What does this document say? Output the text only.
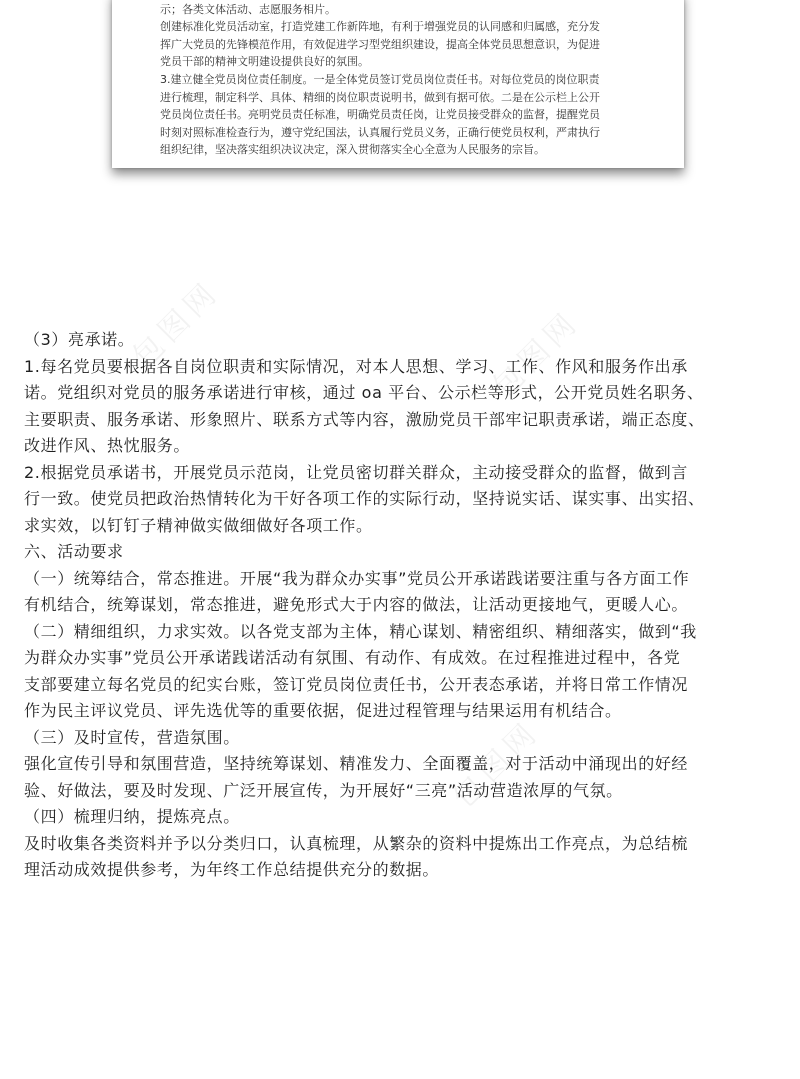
示；各类文体活动、志愿服务相片。

创建标准化党员活动室，打造党建工作新阵地，有利于增强党员的认同感和归属感，充分发

挥广大党员的先锋模范作用，有效促进学习型党组织建设，提高全体党员思想意识，为促进

党员干部的精神文明建设提供良好的氛围。

3.建立健全党员岗位责任制度。一是全体党员签订党员岗位责任书。对每位党员的岗位职责

进行梳理，制定科学、具体、精细的岗位职责说明书，做到有据可依。二是在公示栏上公开

党员岗位责任书。亮明党员责任标准，明确党员责任岗，让党员接受群众的监督，提醒党员

时刻对照标准检查行为，遵守党纪国法，认真履行党员义务，正确行使党员权利，严肃执行

组织纪律，坚决落实组织决议决定，深入贯彻落实全心全意为人民服务的宗旨。

包图网	包图网
包图网

（3）亮承诺。

1.每名党员要根据各自岗位职责和实际情况，对本人思想、学习、工作、作风和服务作出承

诺。党组织对党员的服务承诺进行审核，通过 oa 平台、公示栏等形式，公开党员姓名职务、

主要职责、服务承诺、形象照片、联系方式等内容，激励党员干部牢记职责承诺，端正态度、

改进作风、热忱服务。

2.根据党员承诺书，开展党员示范岗，让党员密切群关群众，主动接受群众的监督，做到言

行一致。使党员把政治热情转化为干好各项工作的实际行动，坚持说实话、谋实事、出实招、

求实效，以钉钉子精神做实做细做好各项工作。

六、活动要求

（一）统筹结合，常态推进。开展“我为群众办实事”党员公开承诺践诺要注重与各方面工作

有机结合，统筹谋划，常态推进，避免形式大于内容的做法，让活动更接地气，更暖人心。

（二）精细组织，力求实效。以各党支部为主体，精心谋划、精密组织、精细落实，做到“我

为群众办实事”党员公开承诺践诺活动有氛围、有动作、有成效。在过程推进过程中，各党

支部要建立每名党员的纪实台账，签订党员岗位责任书，公开表态承诺，并将日常工作情况

作为民主评议党员、评先选优等的重要依据，促进过程管理与结果运用有机结合。

（三）及时宣传，营造氛围。

强化宣传引导和氛围营造，坚持统筹谋划、精准发力、全面覆盖，对于活动中涌现出的好经

验、好做法，要及时发现、广泛开展宣传，为开展好“三亮”活动营造浓厚的气氛。

（四）梳理归纳，提炼亮点。

及时收集各类资料并予以分类归口，认真梳理，从繁杂的资料中提炼出工作亮点，为总结梳

理活动成效提供参考，为年终工作总结提供充分的数据。
